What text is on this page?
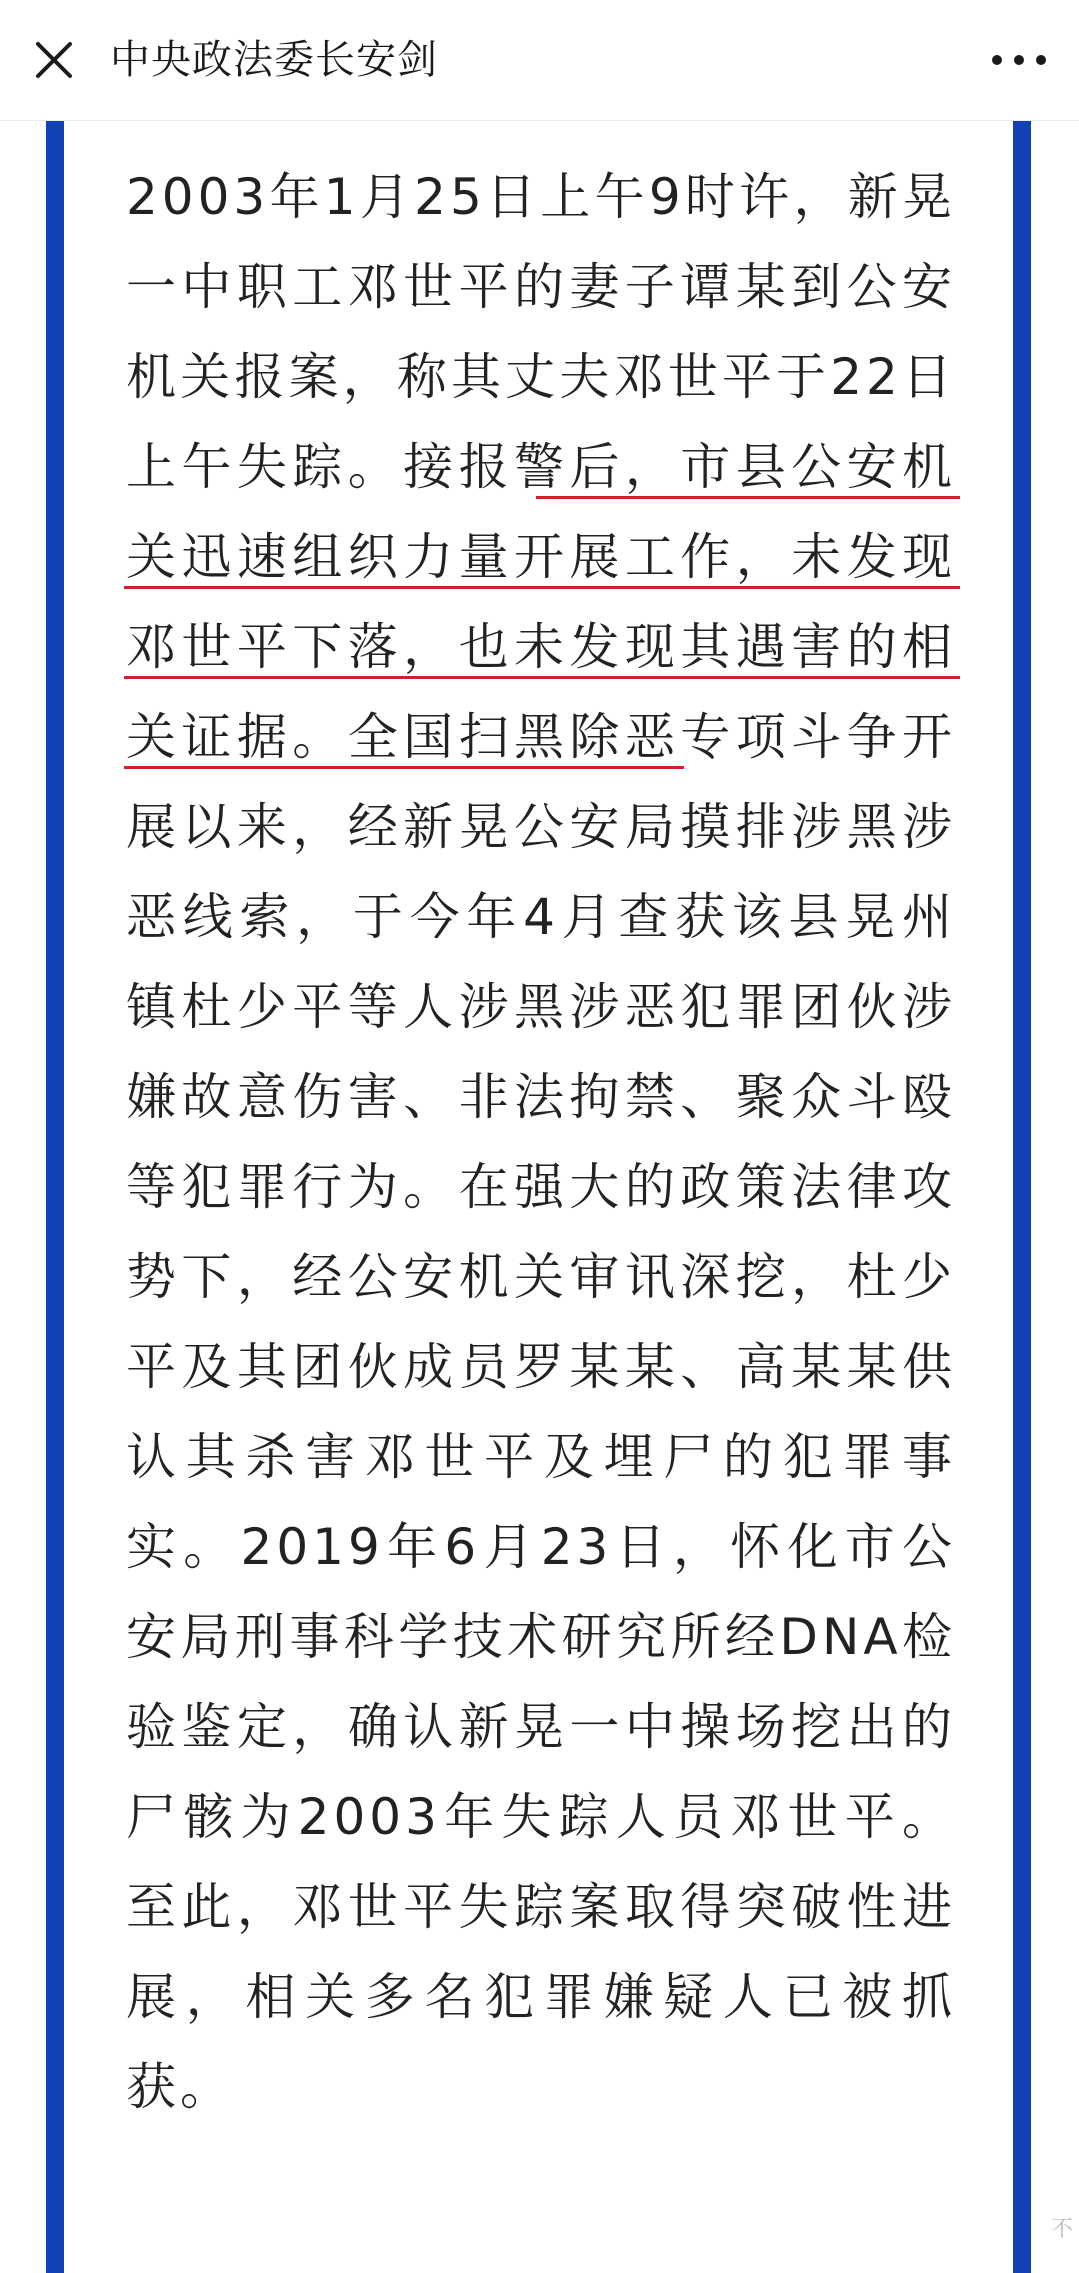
中央政法委长安剑
2003年1月25日上午9时许，新晃一中职工邓世平的妻子谭某到公安机关报案，称其丈夫邓世平于22日上午失踪。接报警后，市县公安机关迅速组织力量开展工作，未发现邓世平下落，也未发现其遇害的相关证据。全国扫黑除恶专项斗争开展以来，经新晃公安局摸排涉黑涉恶线索，于今年4月查获该县晃州镇杜少平等人涉黑涉恶犯罪团伙涉嫌故意伤害、非法拘禁、聚众斗殴等犯罪行为。在强大的政策法律攻势下，经公安机关审讯深挖，杜少平及其团伙成员罗某某、高某某供认其杀害邓世平及埋尸的犯罪事实。2019年6月23日，怀化市公安局刑事科学技术研究所经DNA检验鉴定，确认新晃一中操场挖出的尸骸为2003年失踪人员邓世平。至此，邓世平失踪案取得突破性进展，相关多名犯罪嫌疑人已被抓获。
不
